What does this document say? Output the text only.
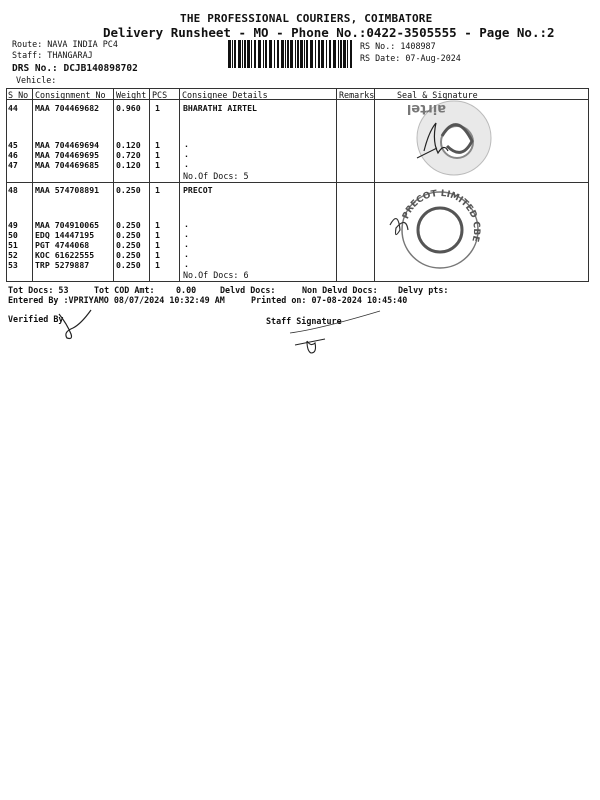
THE PROFESSIONAL COURIERS, COIMBATORE
Delivery Runsheet - MO - Phone No.:0422-3505555 - Page No.:2
Route: NAVA INDIA PC4
Staff: THANGARAJ
DRS No.: DCJB140898702
Vehicle:
RS No.: 1408987
RS Date: 07-Aug-2024
S No Consignment No Weight PCS Consignee Details	Remarks	Seal & Signature
44 MAA 704469682 0.960 1	BHARATHI AIRTEL
45 MAA 704469694 0.120 1	.
46 MAA 704469695 0.720 1	.
47 MAA 704469685 0.120 1	.
No.Of Docs: 5
48 MAA 574708891 0.250 1	PRECOT
49 MAA 704910065 0.250 1	.
50 EDQ 14447195	0.250 1	.
51 PGT 4744068	0.250 1	.
52 KOC 61622555	0.250 1	.
53 TRP 5279887	0.250 1	.
No.Of Docs: 6
airtel
PRECOT LIMITED CBE
Tot Docs: 53	Tot COD Amt:	0.00	Delvd Docs:	Non Delvd Docs: Delvy pts:
Entered By :VPRIYAMO 08/07/2024 10:32:49 AM	Printed on: 07-08-2024 10:45:40
Verified By	Staff Signature
